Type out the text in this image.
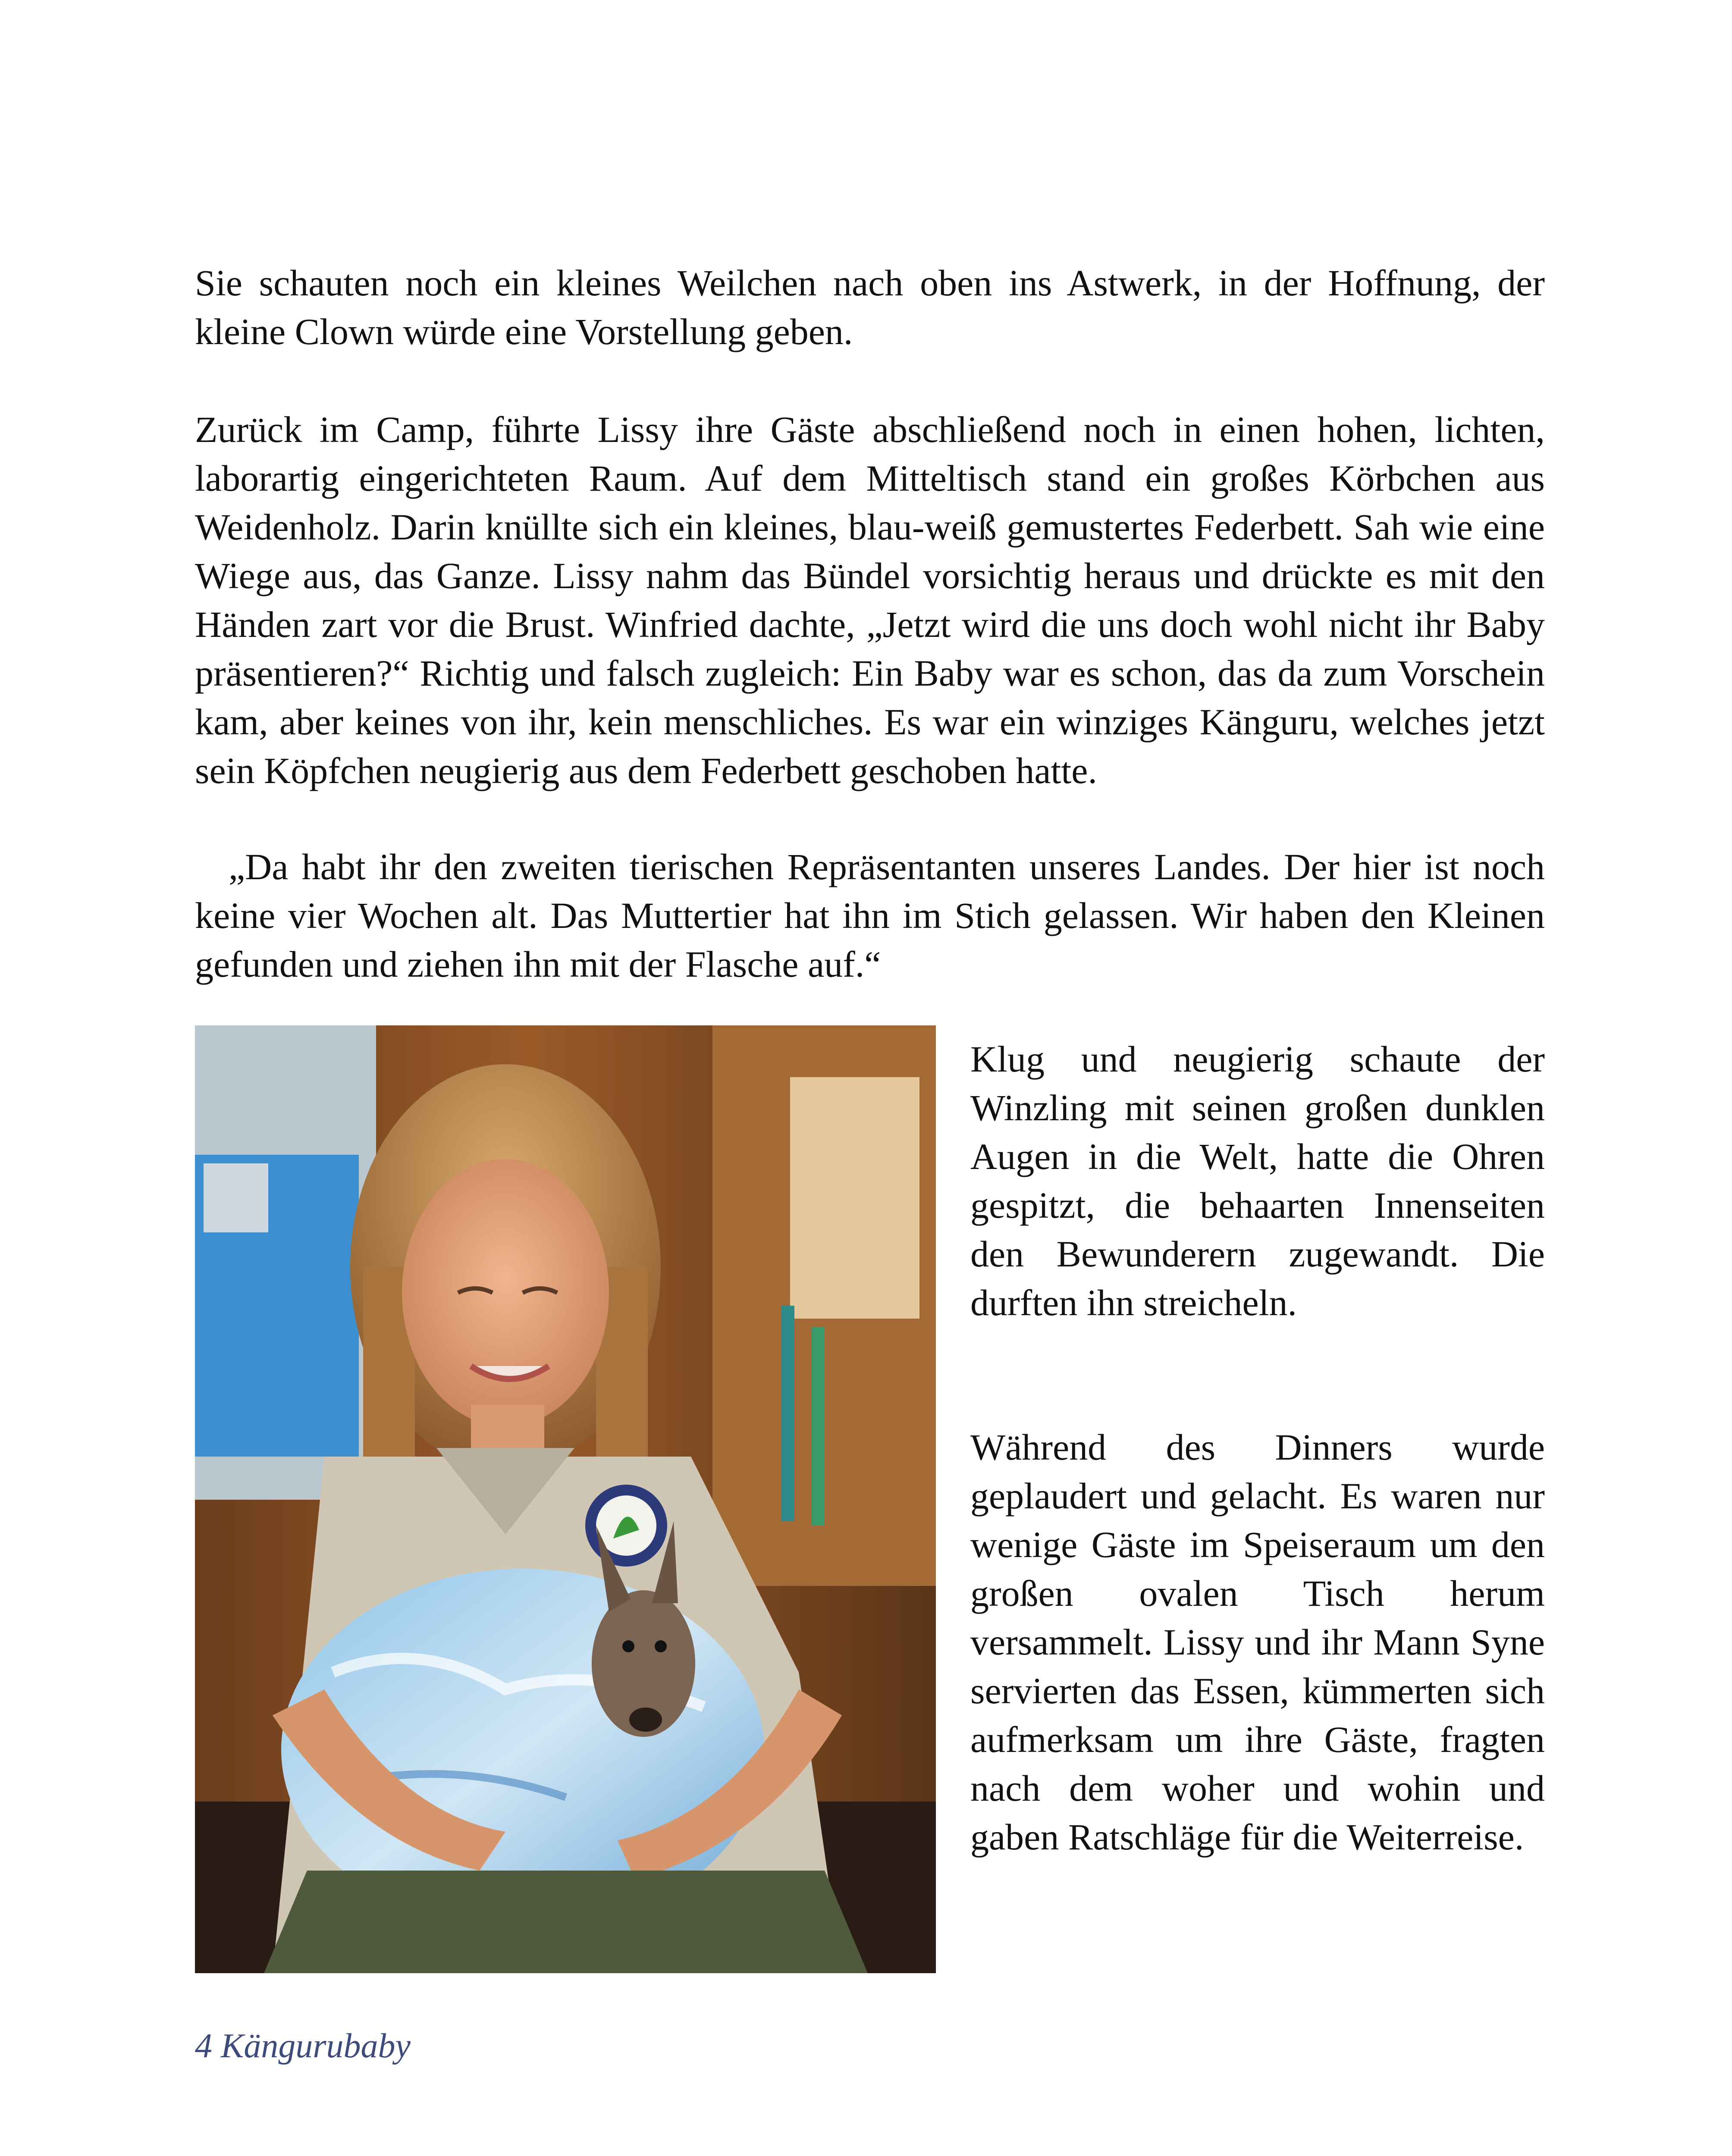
Sie schauten noch ein kleines Weilchen nach oben ins Astwerk, in der Hoffnung, der kleine Clown würde eine Vorstellung geben.

Zurück im Camp, führte Lissy ihre Gäste abschließend noch in einen hohen, lichten, laborartig eingerichteten Raum. Auf dem Mitteltisch stand ein großes Körbchen aus Weidenholz. Darin knüllte sich ein kleines, blau-weiß gemustertes Federbett. Sah wie eine Wiege aus, das Ganze. Lissy nahm das Bündel vorsichtig heraus und drückte es mit den Händen zart vor die Brust. Winfried dachte, „Jetzt wird die uns doch wohl nicht ihr Baby präsentieren?“ Richtig und falsch zugleich: Ein Baby war es schon, das da zum Vorschein kam, aber keines von ihr, kein menschliches. Es war ein winziges Känguru, welches jetzt sein Köpfchen neugierig aus dem Federbett geschoben hatte.

„Da habt ihr den zweiten tierischen Repräsentanten unseres Landes. Der hier ist noch keine vier Wochen alt. Das Muttertier hat ihn im Stich gelassen. Wir haben den Kleinen gefunden und ziehen ihn mit der Flasche auf.“

Klug und neugierig schaute der Winzling mit seinen großen dunklen Augen in die Welt, hatte die Ohren gespitzt, die behaarten Innenseiten den Bewunderern zugewandt. Die durften ihn streicheln.

Während des Dinners wurde geplaudert und gelacht. Es waren nur wenige Gäste im Speiseraum um den großen ovalen Tisch herum versammelt. Lissy und ihr Mann Syne servierten das Essen, kümmerten sich aufmerksam um ihre Gäste, fragten nach dem woher und wohin und gaben Ratschläge für die Weiterreise.

4 Kängurubaby
